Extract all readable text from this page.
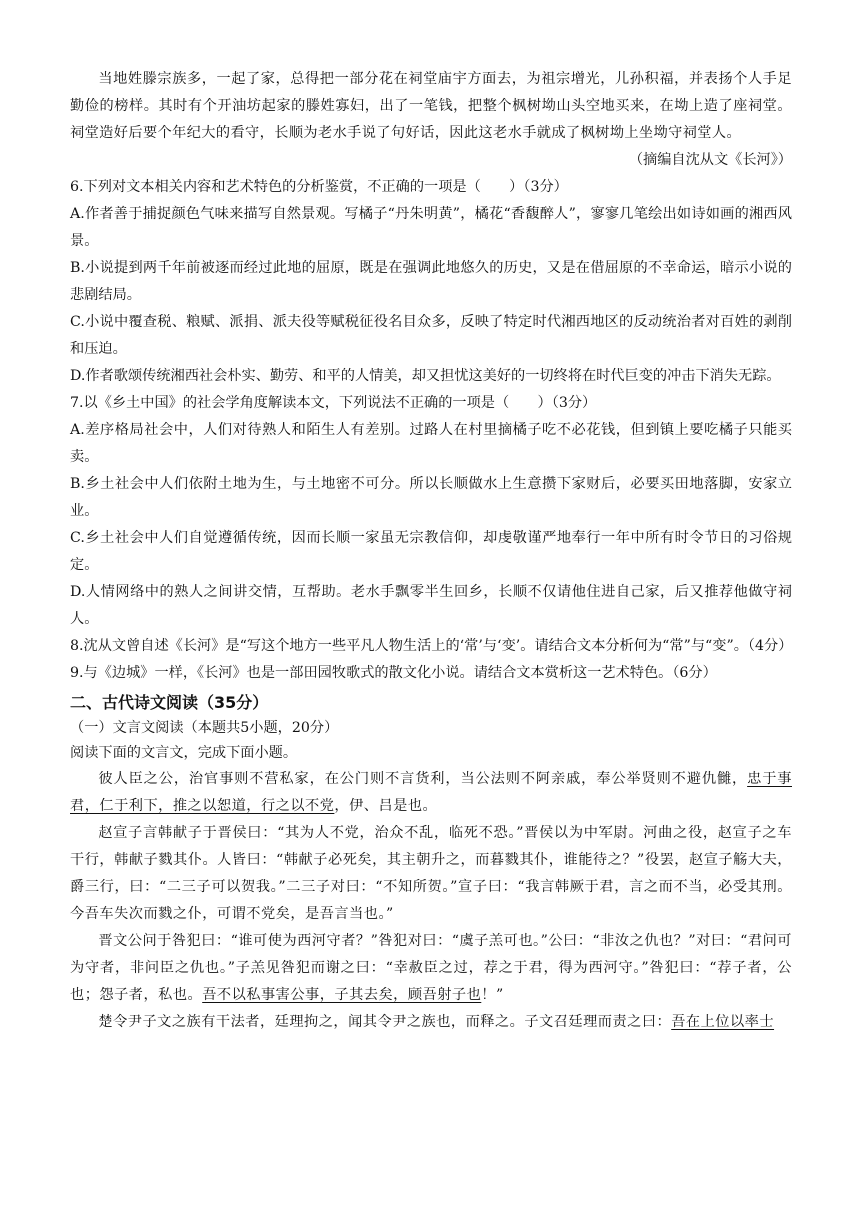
当地姓滕宗族多，一起了家，总得把一部分花在祠堂庙宇方面去，为祖宗增光，儿孙积福，并表扬个人手足勤俭的榜样。其时有个开油坊起家的滕姓寡妇，出了一笔钱，把整个枫树坳山头空地买来，在坳上造了座祠堂。祠堂造好后要个年纪大的看守，长顺为老水手说了句好话，因此这老水手就成了枫树坳上坐坳守祠堂人。

（摘编自沈从文《长河》）

6.下列对文本相关内容和艺术特色的分析鉴赏，不正确的一项是（　　）（3分）

A.作者善于捕捉颜色气味来描写自然景观。写橘子“丹朱明黄”，橘花“香馥醉人”，寥寥几笔绘出如诗如画的湘西风景。

B.小说提到两千年前被逐而经过此地的屈原，既是在强调此地悠久的历史，又是在借屈原的不幸命运，暗示小说的悲剧结局。

C.小说中覆查税、粮赋、派捐、派夫役等赋税征役名目众多，反映了特定时代湘西地区的反动统治者对百姓的剥削和压迫。

D.作者歌颂传统湘西社会朴实、勤劳、和平的人情美，却又担忧这美好的一切终将在时代巨变的冲击下消失无踪。

7.以《乡土中国》的社会学角度解读本文，下列说法不正确的一项是（　　）（3分）

A.差序格局社会中，人们对待熟人和陌生人有差别。过路人在村里摘橘子吃不必花钱，但到镇上要吃橘子只能买卖。

B.乡土社会中人们依附土地为生，与土地密不可分。所以长顺做水上生意攒下家财后，必要买田地落脚，安家立业。

C.乡土社会中人们自觉遵循传统，因而长顺一家虽无宗教信仰，却虔敬谨严地奉行一年中所有时令节日的习俗规定。

D.人情网络中的熟人之间讲交情，互帮助。老水手飘零半生回乡，长顺不仅请他住进自己家，后又推荐他做守祠人。

8.沈从文曾自述《长河》是“写这个地方一些平凡人物生活上的‘常’与‘变’。请结合文本分析何为“常”与“变”。（4分）

9.与《边城》一样，《长河》也是一部田园牧歌式的散文化小说。请结合文本赏析这一艺术特色。（6分）

二、古代诗文阅读（35分）

（一）文言文阅读（本题共5小题，20分）

阅读下面的文言文，完成下面小题。

彼人臣之公，治官事则不营私家，在公门则不言货利，当公法则不阿亲戚，奉公举贤则不避仇雠，忠于事君，仁于利下，推之以恕道，行之以不党，伊、吕是也。

赵宣子言韩献子于晋侯曰：“其为人不党，治众不乱，临死不恐。”晋侯以为中军尉。河曲之役，赵宣子之车干行，韩献子戮其仆。人皆曰：“韩献子必死矣，其主朝升之，而暮戮其仆，谁能待之？”役罢，赵宣子觞大夫，爵三行，曰：“二三子可以贺我。”二三子对曰：“不知所贺。”宣子曰：“我言韩厥于君，言之而不当，必受其刑。今吾车失次而戮之仆，可谓不党矣，是吾言当也。”

晋文公问于咎犯曰：“谁可使为西河守者？”咎犯对曰：“虞子羔可也。”公曰：“非汝之仇也？”对曰：“君问可为守者，非问臣之仇也。”子羔见咎犯而谢之曰：“幸赦臣之过，荐之于君，得为西河守。”咎犯曰：“荐子者，公也；怨子者，私也。吾不以私事害公事，子其去矣，顾吾射子也！”

楚令尹子文之族有干法者，廷理拘之，闻其令尹之族也，而释之。子文召廷理而责之曰：吾在上位以率士
